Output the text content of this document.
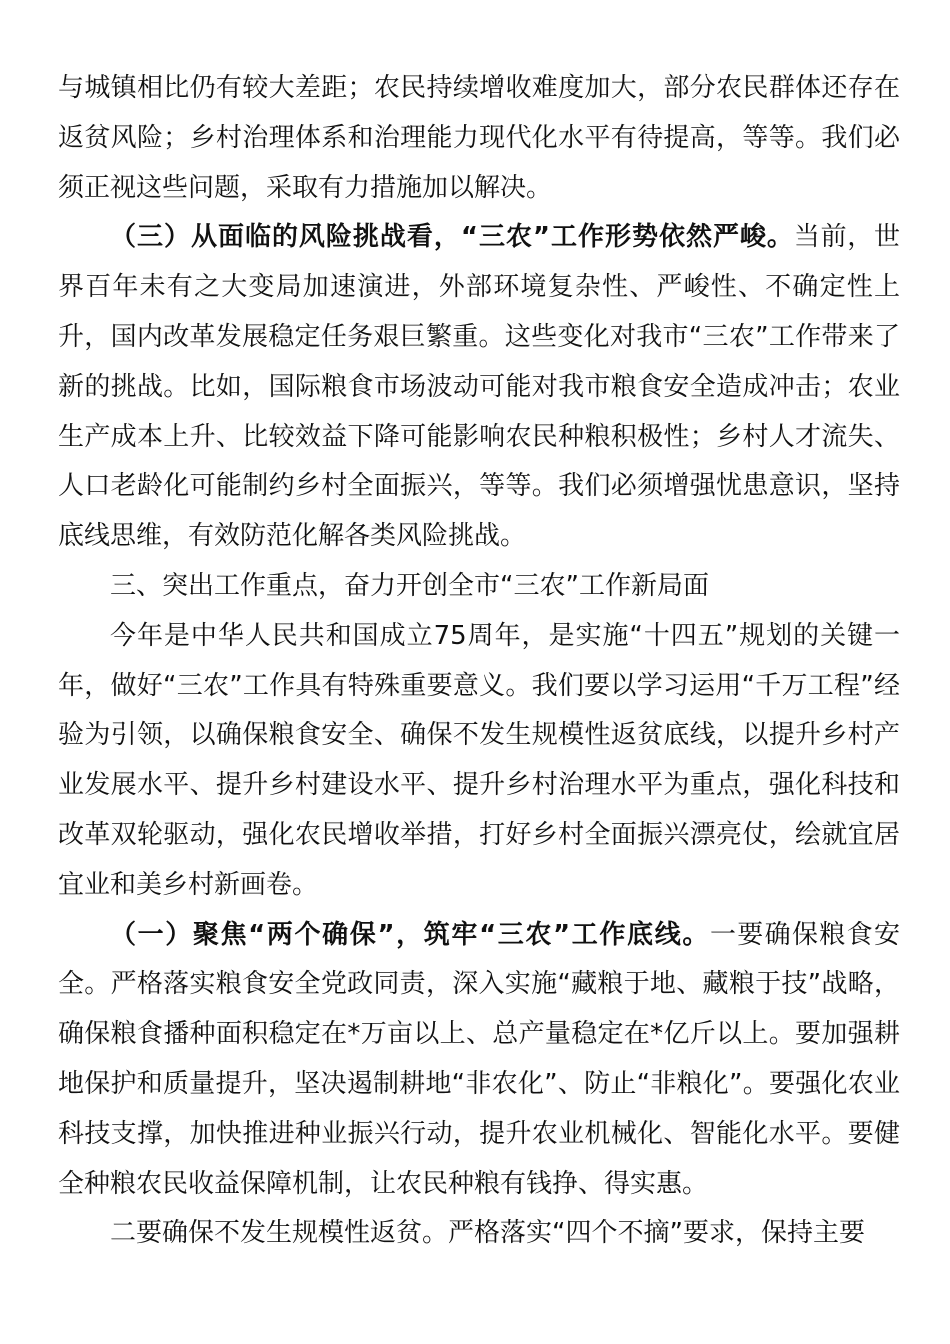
与城镇相比仍有较大差距；农民持续增收难度加大，部分农民群体还存在返贫风险；乡村治理体系和治理能力现代化水平有待提高，等等。我们必须正视这些问题，采取有力措施加以解决。

（三）从面临的风险挑战看，“三农”工作形势依然严峻。当前，世界百年未有之大变局加速演进，外部环境复杂性、严峻性、不确定性上升，国内改革发展稳定任务艰巨繁重。这些变化对我市“三农”工作带来了新的挑战。比如，国际粮食市场波动可能对我市粮食安全造成冲击；农业生产成本上升、比较效益下降可能影响农民种粮积极性；乡村人才流失、人口老龄化可能制约乡村全面振兴，等等。我们必须增强忧患意识，坚持底线思维，有效防范化解各类风险挑战。

三、突出工作重点，奋力开创全市“三农”工作新局面

今年是中华人民共和国成立75周年，是实施“十四五”规划的关键一年，做好“三农”工作具有特殊重要意义。我们要以学习运用“千万工程”经验为引领，以确保粮食安全、确保不发生规模性返贫底线，以提升乡村产业发展水平、提升乡村建设水平、提升乡村治理水平为重点，强化科技和改革双轮驱动，强化农民增收举措，打好乡村全面振兴漂亮仗，绘就宜居宜业和美乡村新画卷。

（一）聚焦“两个确保”，筑牢“三农”工作底线。一要确保粮食安全。严格落实粮食安全党政同责，深入实施“藏粮于地、藏粮于技”战略，确保粮食播种面积稳定在*万亩以上、总产量稳定在*亿斤以上。要加强耕地保护和质量提升，坚决遏制耕地“非农化”、防止“非粮化”。要强化农业科技支撑，加快推进种业振兴行动，提升农业机械化、智能化水平。要健全种粮农民收益保障机制，让农民种粮有钱挣、得实惠。

二要确保不发生规模性返贫。严格落实“四个不摘”要求，保持主要
